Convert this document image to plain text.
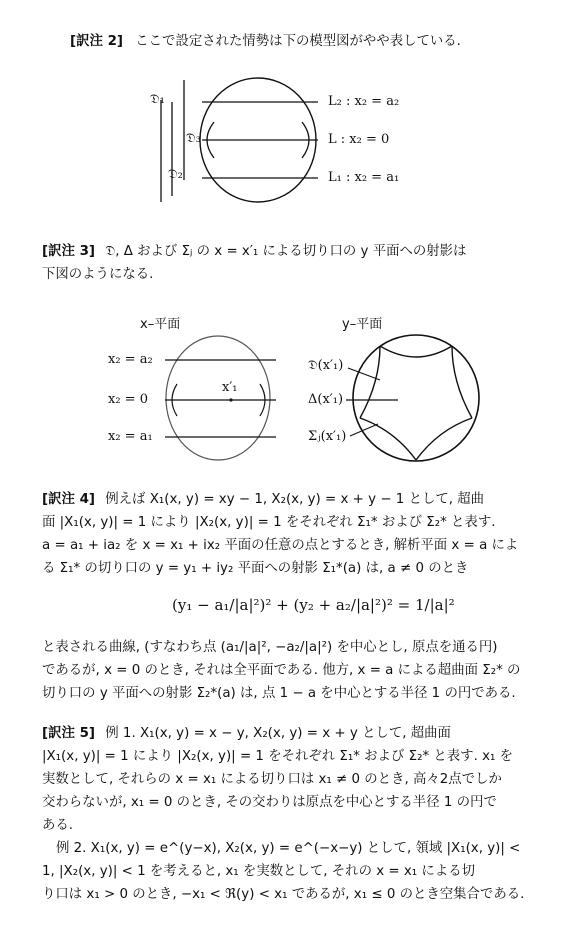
[訳注 2] ここで設定された情勢は下の模型図がやや表している.
𝔇₁
𝔇₃
𝔇₂
L₂ : x₂ = a₂
L : x₂ = 0
L₁ : x₂ = a₁
[訳注 3] 𝔇, Δ および Σⱼ の x = x′₁ による切り口の y 平面への射影は
下図のようになる.
x–平面	y–平面
x₂ = a₂
x₂ = 0
x₂ = a₁
x′₁
𝔇(x′₁)
Δ(x′₁)
Σⱼ(x′₁)
[訳注 4] 例えば X₁(x, y) = xy − 1, X₂(x, y) = x + y − 1 として, 超曲
面 |X₁(x, y)| = 1 により |X₂(x, y)| = 1 をそれぞれ Σ₁* および Σ₂* と表す.
a = a₁ + ia₂ を x = x₁ + ix₂ 平面の任意の点とするとき, 解析平面 x = a によ
る Σ₁* の切り口の y = y₁ + iy₂ 平面への射影 Σ₁*(a) は, a ≠ 0 のとき
(y₁ − a₁/|a|²)² + (y₂ + a₂/|a|²)² = 1/|a|²
と表される曲線, (すなわち点 (a₁/|a|², −a₂/|a|²) を中心とし, 原点を通る円)
であるが, x = 0 のとき, それは全平面である. 他方, x = a による超曲面 Σ₂* の
切り口の y 平面への射影 Σ₂*(a) は, 点 1 − a を中心とする半径 1 の円である.
[訳注 5] 例 1. X₁(x, y) = x − y, X₂(x, y) = x + y として, 超曲面
|X₁(x, y)| = 1 により |X₂(x, y)| = 1 をそれぞれ Σ₁* および Σ₂* と表す. x₁ を
実数として, それらの x = x₁ による切り口は x₁ ≠ 0 のとき, 高々2点でしか
交わらないが, x₁ = 0 のとき, その交わりは原点を中心とする半径 1 の円で
ある.
例 2. X₁(x, y) = e^(y−x), X₂(x, y) = e^(−x−y) として, 領域 |X₁(x, y)| <
1, |X₂(x, y)| < 1 を考えると, x₁ を実数として, それの x = x₁ による切
り口は x₁ > 0 のとき, −x₁ < ℜ(y) < x₁ であるが, x₁ ≤ 0 のとき空集合である.
